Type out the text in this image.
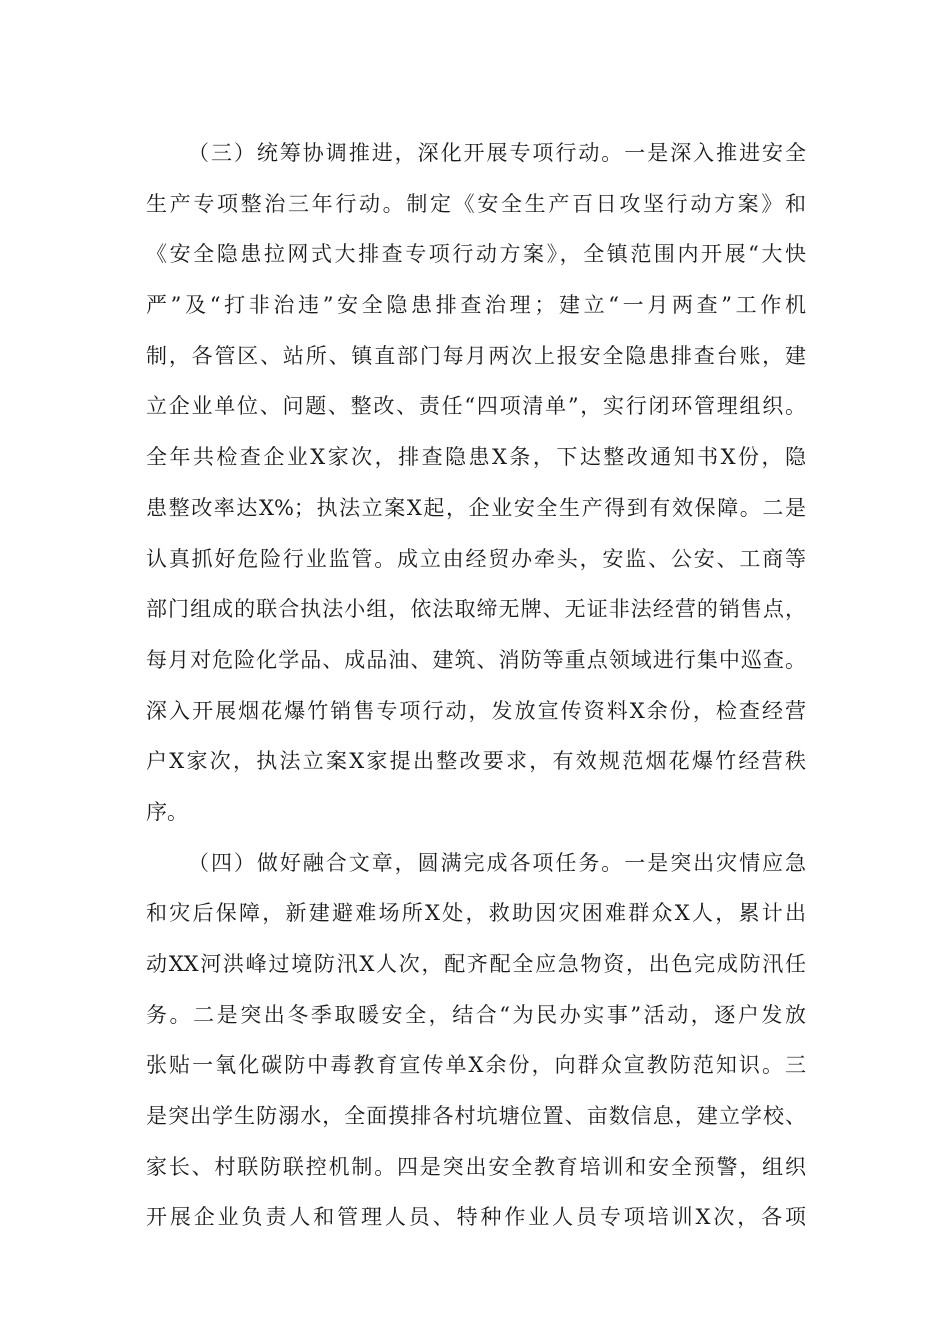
（三）统筹协调推进，深化开展专项行动。一是深入推进安全
生产专项整治三年行动。制定《安全生产百日攻坚行动方案》和
《安全隐患拉网式大排查专项行动方案》，全镇范围内开展“大快
严”及“打非治违”安全隐患排查治理；建立“一月两查”工作机
制，各管区、站所、镇直部门每月两次上报安全隐患排查台账，建
立企业单位、问题、整改、责任“四项清单”，实行闭环管理组织。
全年共检查企业X家次，排查隐患X条，下达整改通知书X份，隐
患整改率达X%；执法立案X起，企业安全生产得到有效保障。二是
认真抓好危险行业监管。成立由经贸办牵头，安监、公安、工商等
部门组成的联合执法小组，依法取缔无牌、无证非法经营的销售点，
每月对危险化学品、成品油、建筑、消防等重点领域进行集中巡查。
深入开展烟花爆竹销售专项行动，发放宣传资料X余份，检查经营
户X家次，执法立案X家提出整改要求，有效规范烟花爆竹经营秩
序。
（四）做好融合文章，圆满完成各项任务。一是突出灾情应急
和灾后保障，新建避难场所X处，救助因灾困难群众X人，累计出
动XX河洪峰过境防汛X人次，配齐配全应急物资，出色完成防汛任
务。二是突出冬季取暖安全，结合“为民办实事”活动，逐户发放
张贴一氧化碳防中毒教育宣传单X余份，向群众宣教防范知识。三
是突出学生防溺水，全面摸排各村坑塘位置、亩数信息，建立学校、
家长、村联防联控机制。四是突出安全教育培训和安全预警，组织
开展企业负责人和管理人员、特种作业人员专项培训X次，各项
